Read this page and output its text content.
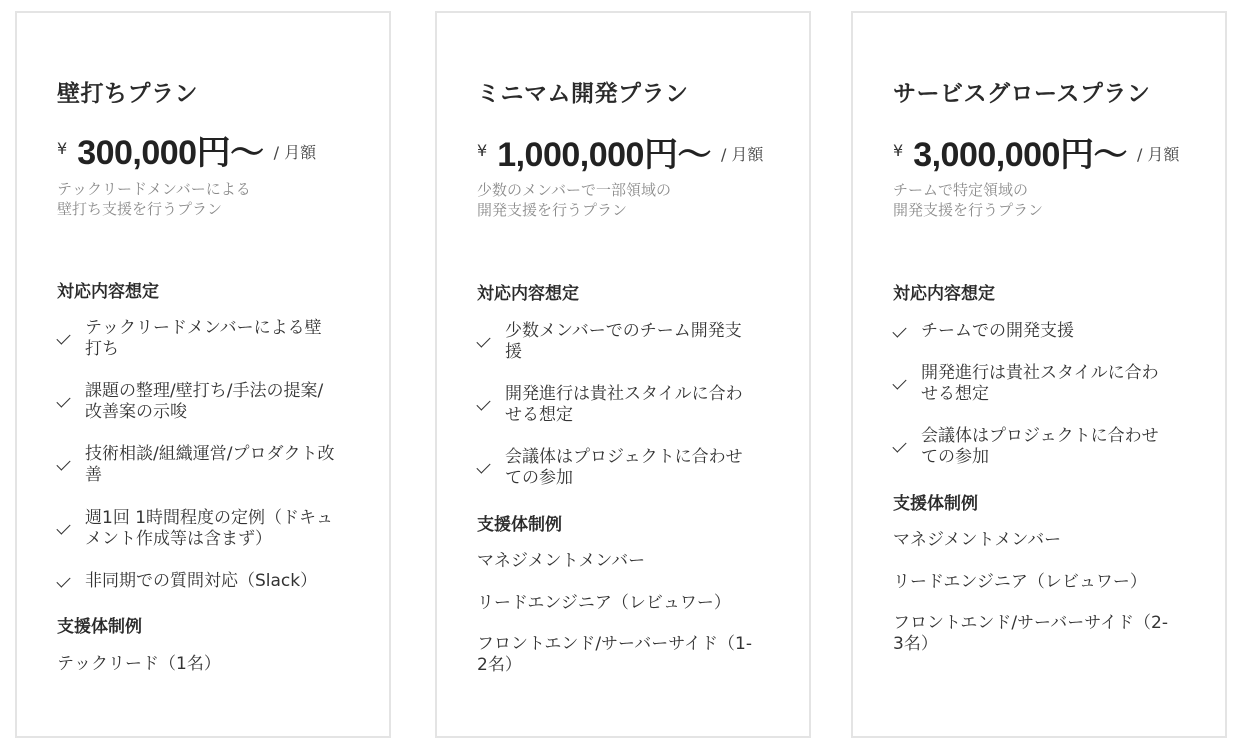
壁打ちプラン
¥ 300,000円〜 / 月額
テックリードメンバーによる
壁打ち支援を行うプラン
対応内容想定
テックリードメンバーによる壁
打ち
課題の整理/壁打ち/手法の提案/
改善案の示唆
技術相談/組織運営/プロダクト改
善
週1回 1時間程度の定例（ドキュ
メント作成等は含まず）
非同期での質問対応（Slack）
支援体制例
テックリード（1名）
ミニマム開発プラン
¥ 1,000,000円〜 / 月額
少数のメンバーで一部領域の
開発支援を行うプラン
対応内容想定
少数メンバーでのチーム開発支
援
開発進行は貴社スタイルに合わ
せる想定
会議体はプロジェクトに合わせ
ての参加
支援体制例
マネジメントメンバー
リードエンジニア（レビュワー）
フロントエンド/サーバーサイド（1-
2名）
サービスグロースプラン
¥ 3,000,000円〜 / 月額
チームで特定領域の
開発支援を行うプラン
対応内容想定
チームでの開発支援
開発進行は貴社スタイルに合わ
せる想定
会議体はプロジェクトに合わせ
ての参加
支援体制例
マネジメントメンバー
リードエンジニア（レビュワー）
フロントエンド/サーバーサイド（2-
3名）
